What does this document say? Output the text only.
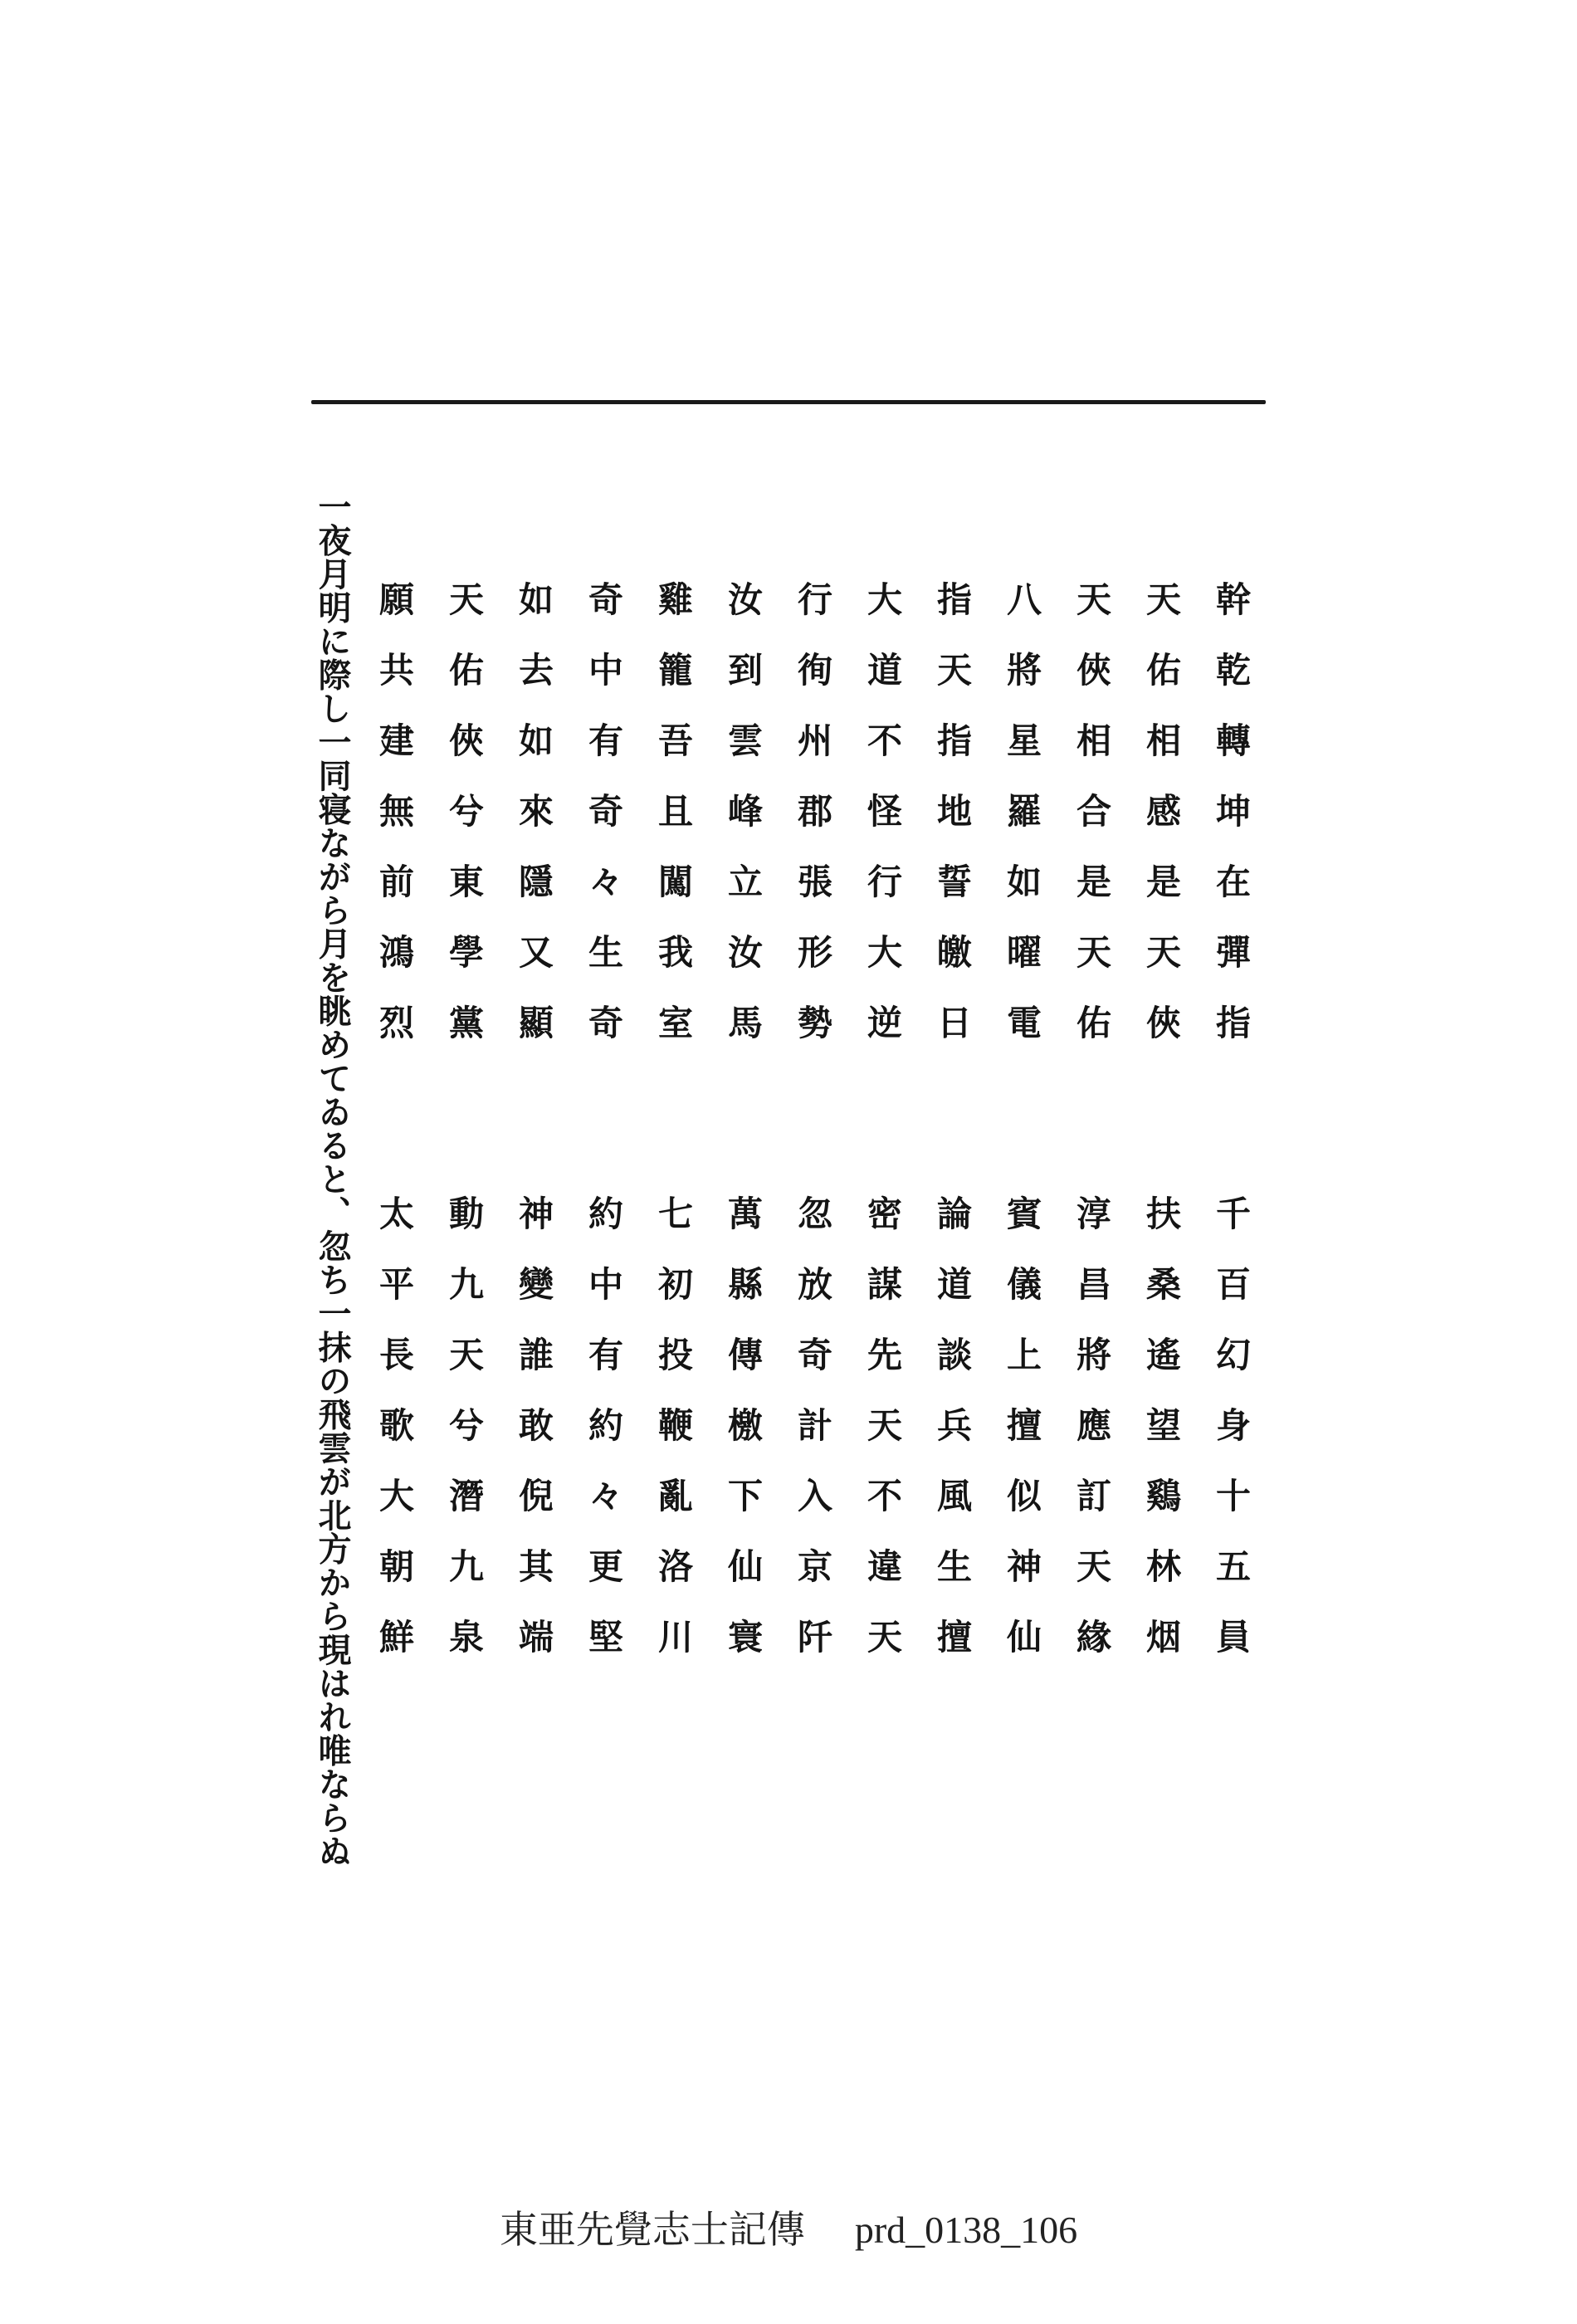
一夜月明に際し一同寝ながら月を眺めてゐると、忽ち一抹の飛雲が北方から現はれ唯ならぬ	幹乾轉坤在彈指
天佑相感是天俠
天俠相合是天佑
八將星羅如曜電
指天指地誓皦日
大道不怪行大逆
行徇州郡張形勢
汝到雲峰立汝馬
雞籠吾且闖我室
奇中有奇々生奇
如去如來隱又顯
天佑俠兮東學黨
願共建無前鴻烈
千百幻身十五員
扶桑遙望鷄林烟
淳昌將應訂天緣
賓儀上擅似神仙
論道談兵風生擅
密謀先天不違天
忽放奇計入京阡
萬縣傳檄下仙寰
七初投鞭亂洛川
約中有約々更堅
神變誰敢倪其端
動九天兮潛九泉
太平長歌大朝鮮
東亜先覺志士記傳 prd_0138_106
